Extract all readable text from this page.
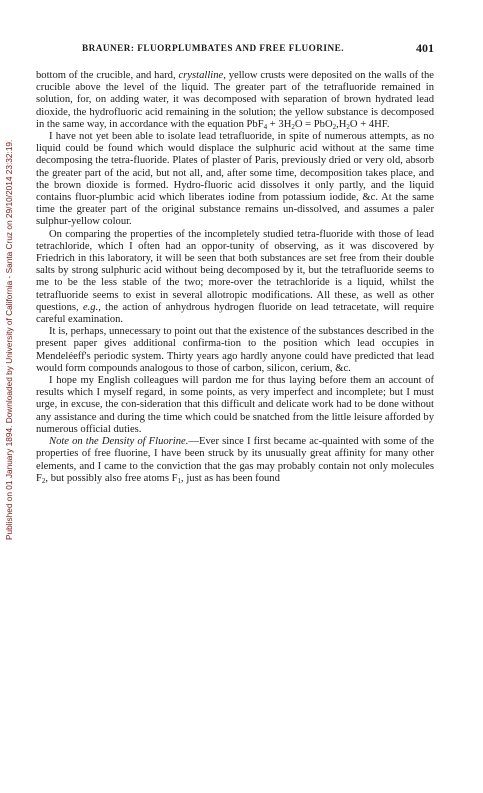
Published on 01 January 1894. Downloaded by University of California - Santa Cruz on 29/10/2014 23:32:19.
BRAUNER: FLUORPLUMBATES AND FREE FLUORINE.	401

bottom of the crucible, and hard, crystalline, yellow crusts were deposited on the walls of the crucible above the level of the liquid. The greater part of the tetrafluoride remained in solution, for, on adding water, it was decomposed with separation of brown hydrated lead dioxide, the hydrofluoric acid remaining in the solution; the yellow substance is decomposed in the same way, in accordance with the equation $PbF_4 + 3H_2O = PbO_2,H_2O + 4HF$.

I have not yet been able to isolate lead tetrafluoride, in spite of numerous attempts, as no liquid could be found which would displace the sulphuric acid without at the same time decomposing the tetra-fluoride. Plates of plaster of Paris, previously dried or very old, absorb the greater part of the acid, but not all, and, after some time, decomposition takes place, and the brown dioxide is formed. Hydro-fluoric acid dissolves it only partly, and the liquid contains fluor-plumbic acid which liberates iodine from potassium iodide, &c. At the same time the greater part of the original substance remains un-dissolved, and assumes a paler sulphur-yellow colour.

On comparing the properties of the incompletely studied tetra-fluoride with those of lead tetrachloride, which I often had an oppor-tunity of observing, as it was discovered by Friedrich in this laboratory, it will be seen that both substances are set free from their double salts by strong sulphuric acid without being decomposed by it, but the tetrafluoride seems to me to be the less stable of the two; more-over the tetrachloride is a liquid, whilst the tetrafluoride seems to exist in several allotropic modifications. All these, as well as other questions, e.g., the action of anhydrous hydrogen fluoride on lead tetracetate, will require careful examination.

It is, perhaps, unnecessary to point out that the existence of the substances described in the present paper gives additional confirma-tion to the position which lead occupies in Mendeléeff's periodic system. Thirty years ago hardly anyone could have predicted that lead would form compounds analogous to those of carbon, silicon, cerium, &c.

I hope my English colleagues will pardon me for thus laying before them an account of results which I myself regard, in some points, as very imperfect and incomplete; but I must urge, in excuse, the con-sideration that this difficult and delicate work had to be done without any assistance and during the time which could be snatched from the little leisure afforded by numerous official duties.

Note on the Density of Fluorine.—Ever since I first became ac-quainted with some of the properties of free fluorine, I have been struck by its unusually great affinity for many other elements, and I came to the conviction that the gas may probably contain not only molecules $F_2$, but possibly also free atoms $F_1$, just as has been found
